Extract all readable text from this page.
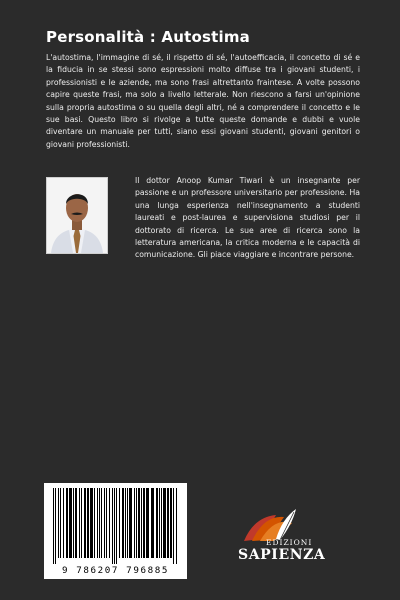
Personalità : Autostima
L'autostima, l'immagine di sé, il rispetto di sé, l'autoefficacia, il concetto di sé e la fiducia in se stessi sono espressioni molto diffuse tra i giovani studenti, i professionisti e le aziende, ma sono frasi altrettanto fraintese. A volte possono capire queste frasi, ma solo a livello letterale. Non riescono a farsi un'opinione sulla propria autostima o su quella degli altri, né a comprendere il concetto e le sue basi. Questo libro si rivolge a tutte queste domande e dubbi e vuole diventare un manuale per tutti, siano essi giovani studenti, giovani genitori o giovani professionisti.
Il dottor Anoop Kumar Tiwari è un insegnante per passione e un professore universitario per professione. Ha una lunga esperienza nell'insegnamento a studenti laureati e post-laurea e supervisiona studiosi per il dottorato di ricerca. Le sue aree di ricerca sono la letteratura americana, la critica moderna e le capacità di comunicazione. Gli piace viaggiare e incontrare persone.
9 786207 796885
EDIZIONI
SAPIENZA
